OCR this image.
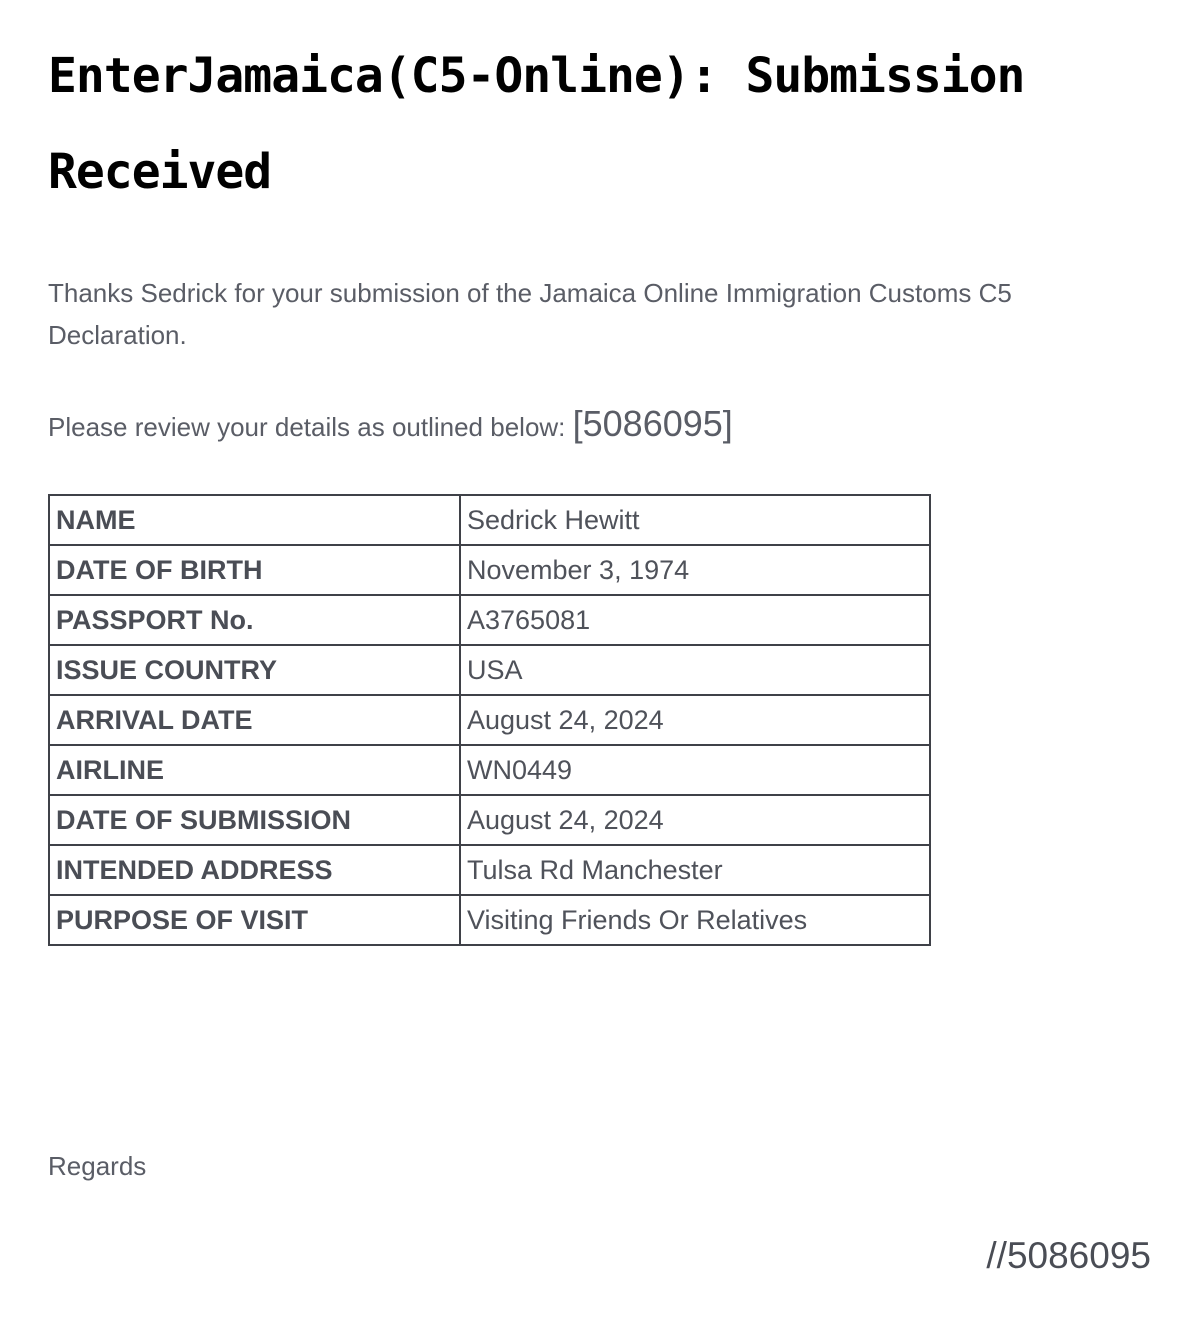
EnterJamaica(C5-Online): Submission Received

Thanks Sedrick for your submission of the Jamaica Online Immigration Customs C5 Declaration.

Please review your details as outlined below: [5086095]

NAME	Sedrick Hewitt
DATE OF BIRTH	November 3, 1974
PASSPORT No.	A3765081
ISSUE COUNTRY	USA
ARRIVAL DATE	August 24, 2024
AIRLINE	WN0449
DATE OF SUBMISSION	August 24, 2024
INTENDED ADDRESS	Tulsa Rd Manchester
PURPOSE OF VISIT	Visiting Friends Or Relatives

Regards

//5086095
